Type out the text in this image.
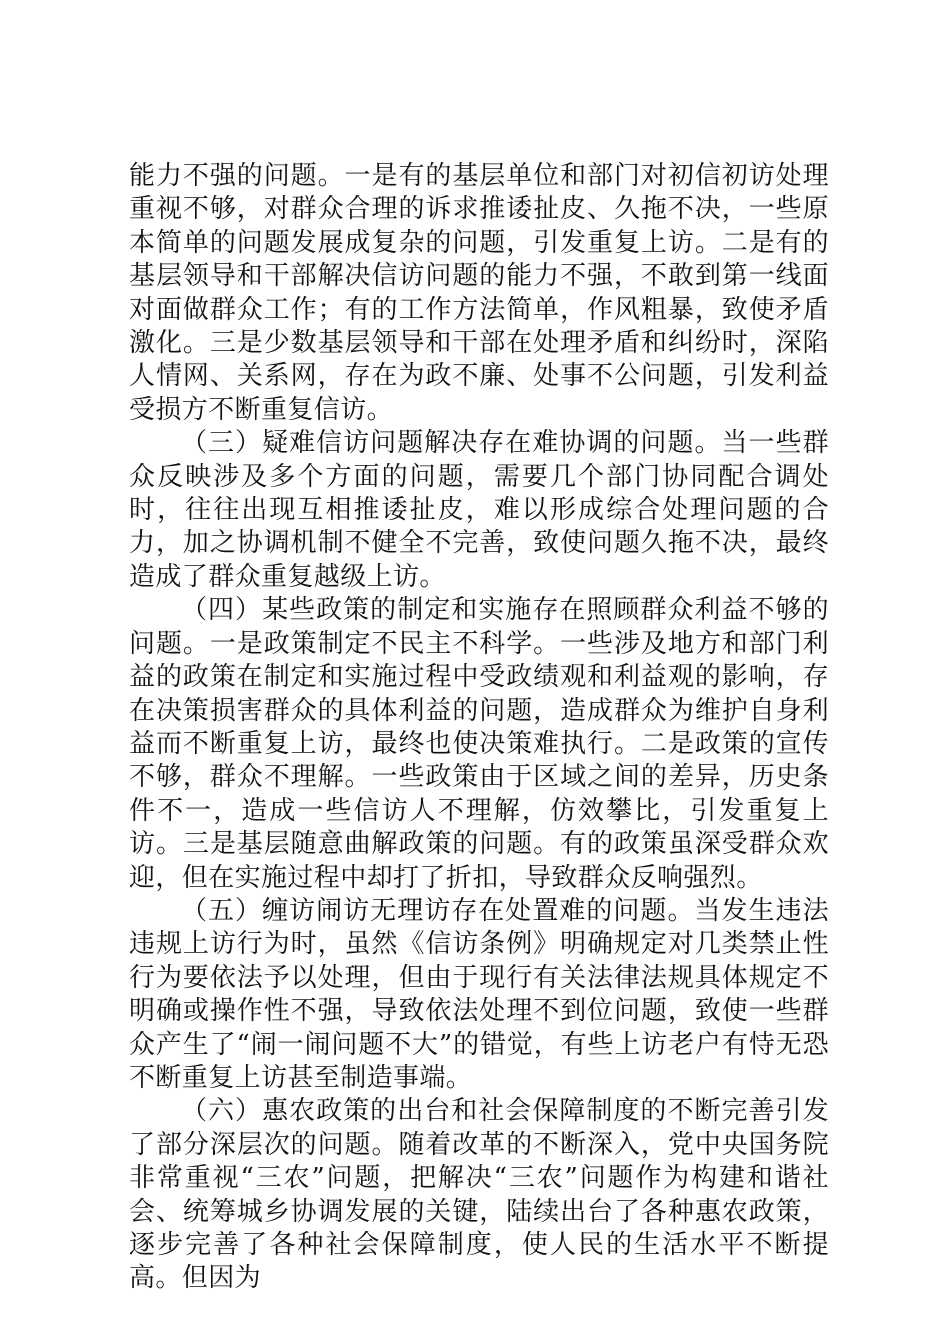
能力不强的问题。一是有的基层单位和部门对初信初访处理重视不够，对群众合理的诉求推诿扯皮、久拖不决，一些原本简单的问题发展成复杂的问题，引发重复上访。二是有的基层领导和干部解决信访问题的能力不强，不敢到第一线面对面做群众工作；有的工作方法简单，作风粗暴，致使矛盾激化。三是少数基层领导和干部在处理矛盾和纠纷时，深陷人情网、关系网，存在为政不廉、处事不公问题，引发利益受损方不断重复信访。

（三）疑难信访问题解决存在难协调的问题。当一些群众反映涉及多个方面的问题，需要几个部门协同配合调处时，往往出现互相推诿扯皮，难以形成综合处理问题的合力，加之协调机制不健全不完善，致使问题久拖不决，最终造成了群众重复越级上访。

（四）某些政策的制定和实施存在照顾群众利益不够的问题。一是政策制定不民主不科学。一些涉及地方和部门利益的政策在制定和实施过程中受政绩观和利益观的影响，存在决策损害群众的具体利益的问题，造成群众为维护自身利益而不断重复上访，最终也使决策难执行。二是政策的宣传不够，群众不理解。一些政策由于区域之间的差异，历史条件不一，造成一些信访人不理解，仿效攀比，引发重复上访。三是基层随意曲解政策的问题。有的政策虽深受群众欢迎，但在实施过程中却打了折扣，导致群众反响强烈。

（五）缠访闹访无理访存在处置难的问题。当发生违法违规上访行为时，虽然《信访条例》明确规定对几类禁止性行为要依法予以处理，但由于现行有关法律法规具体规定不明确或操作性不强，导致依法处理不到位问题，致使一些群众产生了“闹一闹问题不大”的错觉，有些上访老户有恃无恐不断重复上访甚至制造事端。

（六）惠农政策的出台和社会保障制度的不断完善引发了部分深层次的问题。随着改革的不断深入，党中央国务院非常重视“三农”问题，把解决“三农”问题作为构建和谐社会、统筹城乡协调发展的关键，陆续出台了各种惠农政策，逐步完善了各种社会保障制度，使人民的生活水平不断提高。但因为
